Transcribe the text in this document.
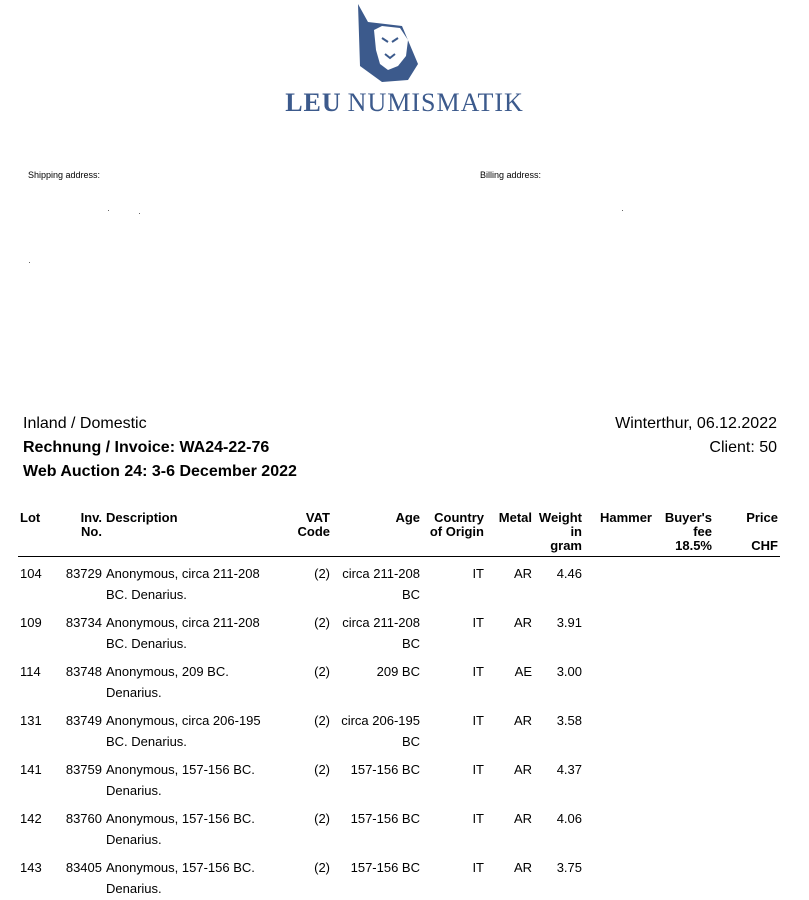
LEU NUMISMATIK
Shipping address:	Billing address:
Inland / Domestic
Rechnung / Invoice: WA24-22-76
Web Auction 24: 3-6 December 2022
Winterthur, 06.12.2022
Client: 50
Lot	Inv. No.	Description	VAT Code	Age	Country of Origin	Metal	Weight in gram	Hammer	Buyer's fee 18.5%	Price
CHF

104	83729	Anonymous, circa 211-208 BC. Denarius.	(2)	circa 211-208 BC	IT	AR	4.46			
109	83734	Anonymous, circa 211-208 BC. Denarius.	(2)	circa 211-208 BC	IT	AR	3.91			
114	83748	Anonymous, 209 BC. Denarius.	(2)	209 BC	IT	AE	3.00			
131	83749	Anonymous, circa 206-195 BC. Denarius.	(2)	circa 206-195 BC	IT	AR	3.58			
141	83759	Anonymous, 157-156 BC. Denarius.	(2)	157-156 BC	IT	AR	4.37			
142	83760	Anonymous, 157-156 BC. Denarius.	(2)	157-156 BC	IT	AR	4.06			
143	83405	Anonymous, 157-156 BC. Denarius.	(2)	157-156 BC	IT	AR	3.75			
